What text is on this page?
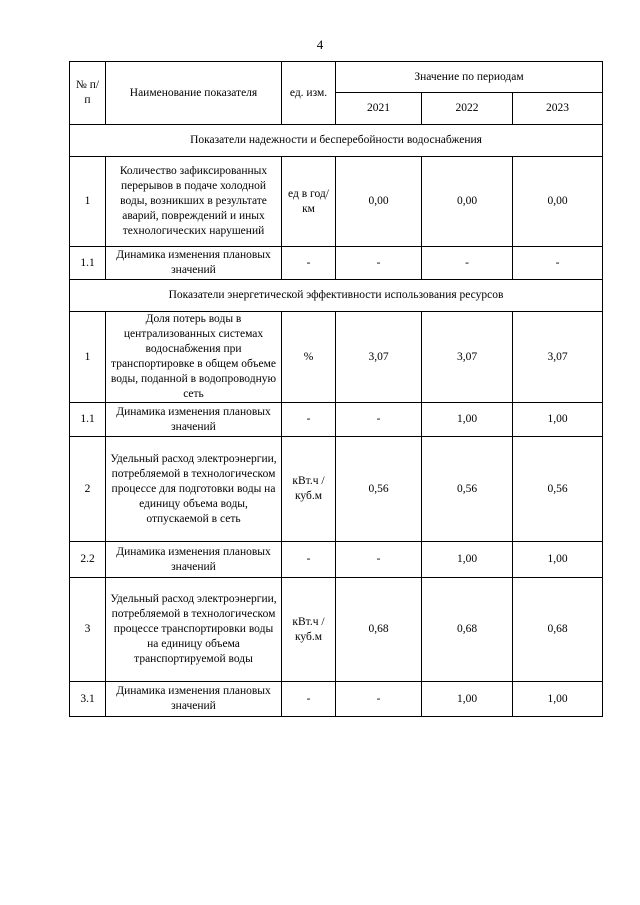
4
№ п/п	Наименование показателя	ед. изм.	Значение по периодам		
			2021	2022	2023
Показатели надежности и бесперебойности водоснабжения					
1	Количество зафиксированных перерывов в подаче холодной воды, возникших в результате аварий, повреждений и иных технологических нарушений	ед в год/ км	0,00	0,00	0,00
1.1	Динамика изменения плановых значений	-	-	-	-
Показатели энергетической эффективности использования ресурсов					
1	Доля потерь воды в централизованных системах водоснабжения при транспортировке в общем объеме воды, поданной в водопроводную сеть	%	3,07	3,07	3,07
1.1	Динамика изменения плановых значений	-	-	1,00	1,00
2	Удельный расход электроэнергии, потребляемой в технологическом процессе для подготовки воды на единицу объема воды, отпускаемой в сеть	кВт.ч / куб.м	0,56	0,56	0,56
2.2	Динамика изменения плановых значений	-	-	1,00	1,00
3	Удельный расход электроэнергии, потребляемой в технологическом процессе транспортировки воды на единицу объема транспортируемой воды	кВт.ч / куб.м	0,68	0,68	0,68
3.1	Динамика изменения плановых значений	-	-	1,00	1,00
